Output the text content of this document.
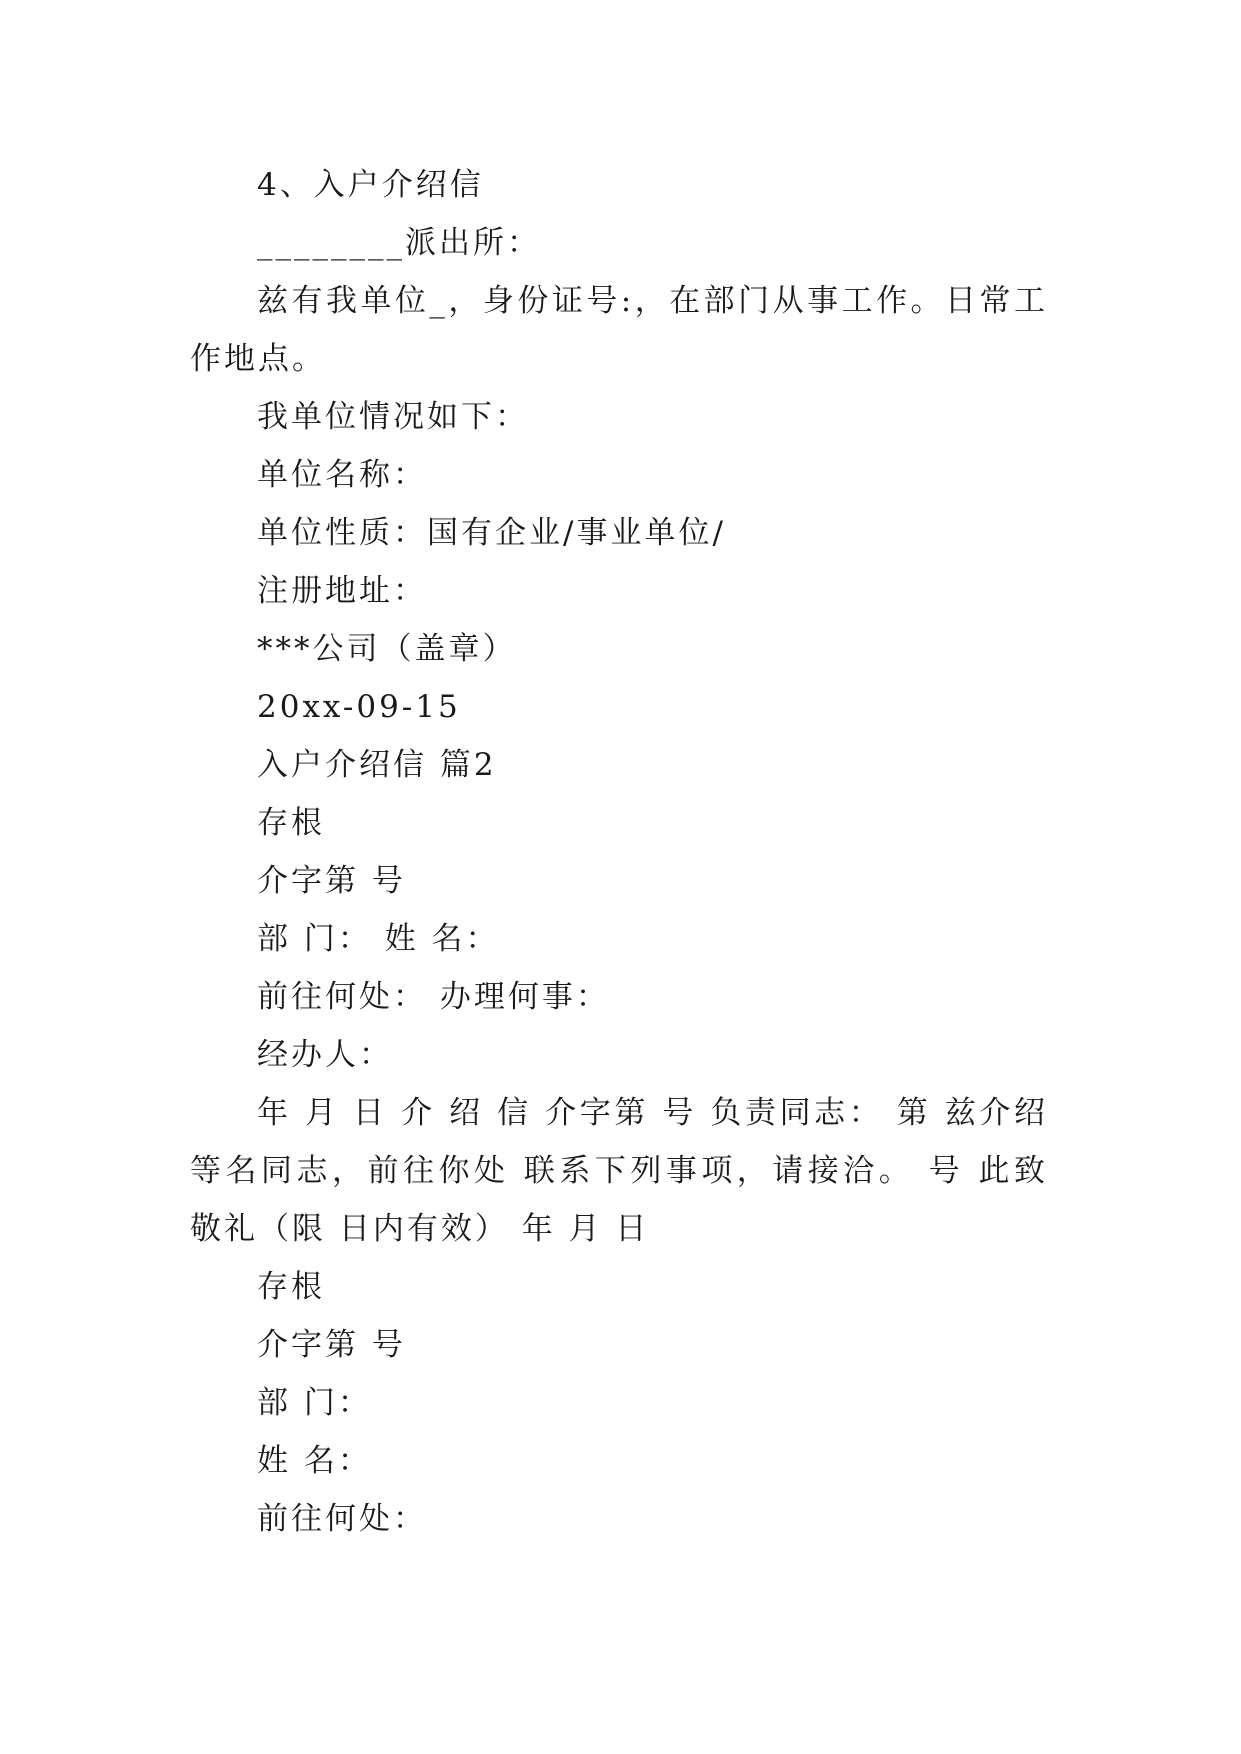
4、入户介绍信

________派出所：

兹有我单位_，身份证号:，在部门从事工作。日常工作地点。

我单位情况如下：

单位名称：

单位性质：国有企业/事业单位/

注册地址：

***公司（盖章）

20xx-09-15

入户介绍信 篇2

存根

介字第 号

部 门： 姓 名：

前往何处： 办理何事：

经办人：

年 月 日 介 绍 信 介字第 号 负责同志： 第 兹介绍 等名同志，前往你处 联系下列事项，请接洽。 号 此致 敬礼（限 日内有效） 年 月 日

存根

介字第 号

部 门：

姓 名：

前往何处：
